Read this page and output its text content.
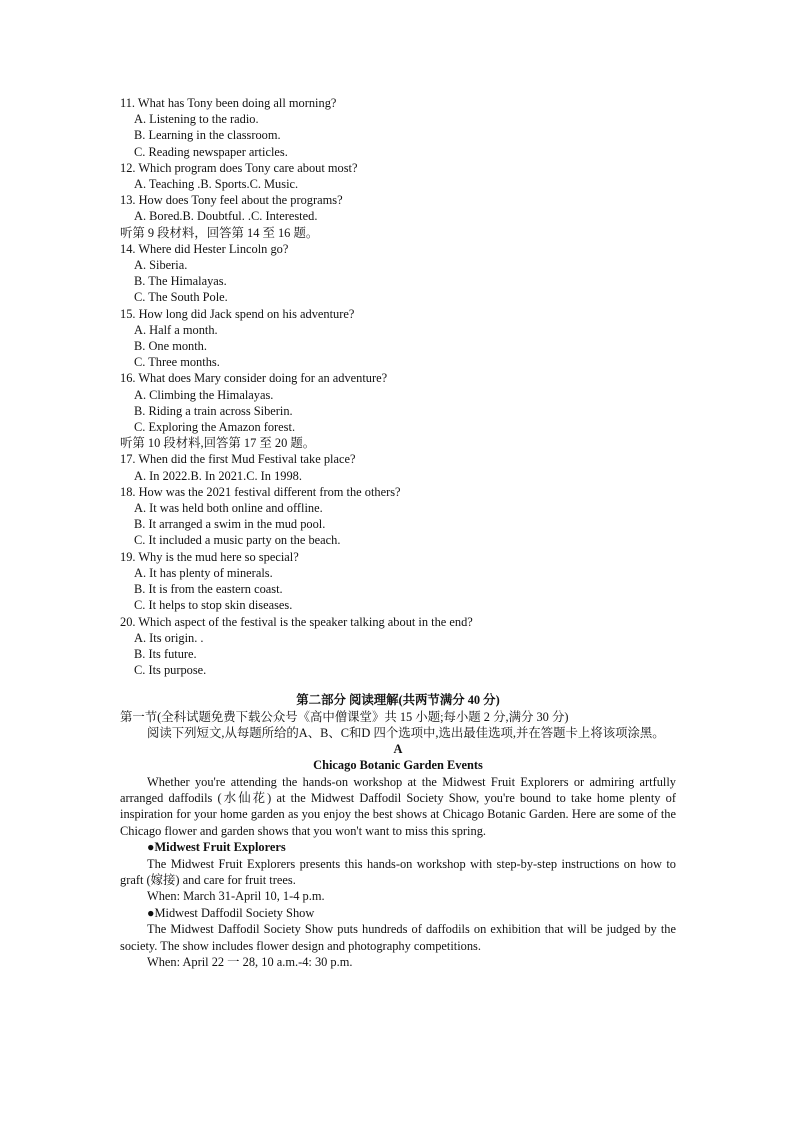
11. What has Tony been doing all morning?
A. Listening to the radio.
B. Learning in the classroom.
C. Reading newspaper articles.
12. Which program does Tony care about most?
A. Teaching .B. Sports.C. Music.
13. How does Tony feel about the programs?
A. Bored.B. Doubtful. .C. Interested.
听第 9 段材料，回答第 14 至 16 题。
14. Where did Hester Lincoln go?
A. Siberia.
B. The Himalayas.
C. The South Pole.
15. How long did Jack spend on his adventure?
A. Half a month.
B. One month.
C. Three months.
16. What does Mary consider doing for an adventure?
A. Climbing the Himalayas.
B. Riding a train across Siberin.
C. Exploring the Amazon forest.
听第 10 段材料,回答第 17 至 20 题。
17. When did the first Mud Festival take place?
A. In 2022.B. In 2021.C. In 1998.
18. How was the 2021 festival different from the others?
A. It was held both online and offline.
B. It arranged a swim in the mud pool.
C. It included a music party on the beach.
19. Why is the mud here so special?
A. It has plenty of minerals.
B. It is from the eastern coast.
C. It helps to stop skin diseases.
20. Which aspect of the festival is the speaker talking about in the end?
A. Its origin. .
B. Its future.
C. Its purpose.
第二部分 阅读理解(共两节满分 40 分)
第一节(全科试题免费下载公众号《高中僧课堂》共 15 小题;每小题 2 分,满分 30 分)
阅读下列短文,从每题所给的A、B、C和D 四个选项中,选出最佳选项,并在答题卡上将该项涂黑。
A
Chicago Botanic Garden Events
Whether you're attending the hands-on workshop at the Midwest Fruit Explorers or admiring artfully arranged daffodils (水仙花) at the Midwest Daffodil Society Show, you're bound to take home plenty of inspiration for your home garden as you enjoy the best shows at Chicago Botanic Garden. Here are some of the Chicago flower and garden shows that you won't want to miss this spring.
●Midwest Fruit Explorers
The Midwest Fruit Explorers presents this hands-on workshop with step-by-step instructions on how to graft (嫁接) and care for fruit trees.
When: March 31-April 10, 1-4 p.m.
●Midwest Daffodil Society Show
The Midwest Daffodil Society Show puts hundreds of daffodils on exhibition that will be judged by the society. The show includes flower design and photography competitions.
When: April 22 一 28, 10 a.m.-4: 30 p.m.
